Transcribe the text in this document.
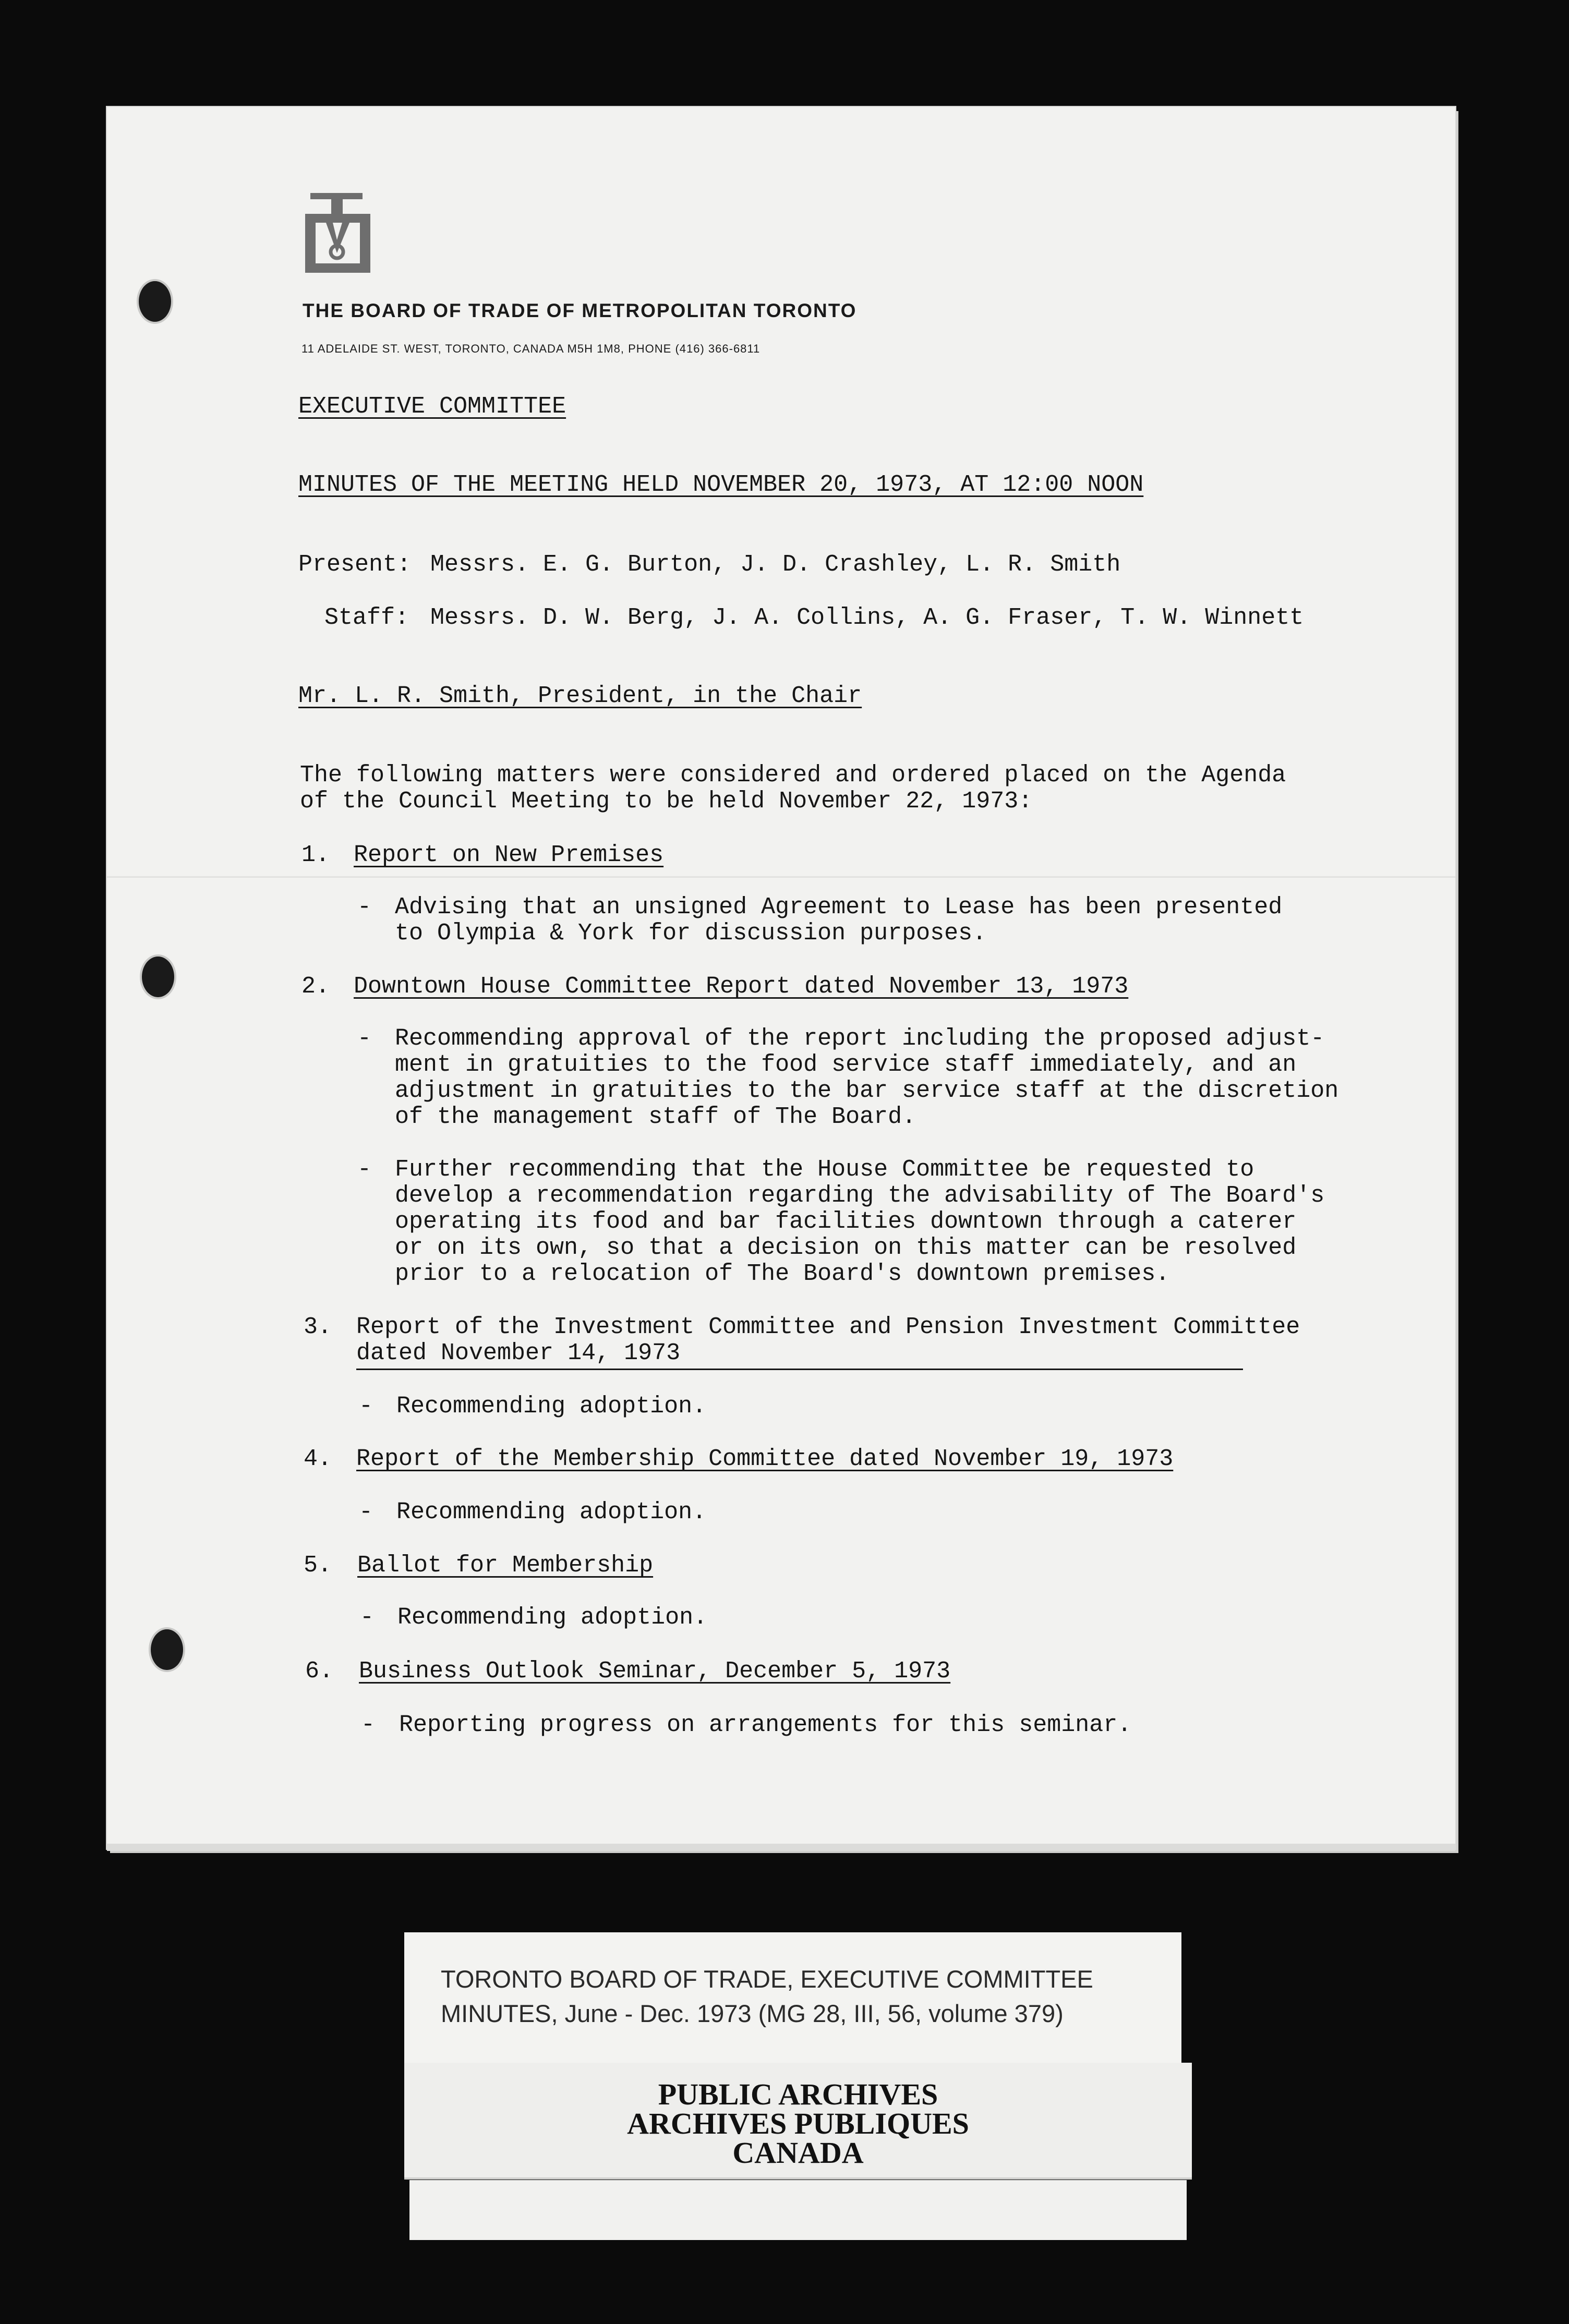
THE BOARD OF TRADE OF METROPOLITAN TORONTO
11 ADELAIDE ST. WEST, TORONTO, CANADA M5H 1M8, PHONE (416) 366-6811
EXECUTIVE COMMITTEE
MINUTES OF THE MEETING HELD NOVEMBER 20, 1973, AT 12:00 NOON
Present: Messrs. E. G. Burton, J. D. Crashley, L. R. Smith
Staff: Messrs. D. W. Berg, J. A. Collins, A. G. Fraser, T. W. Winnett
Mr. L. R. Smith, President, in the Chair
The following matters were considered and ordered placed on the Agenda
of the Council Meeting to be held November 22, 1973:
1. Report on New Premises
- Advising that an unsigned Agreement to Lease has been presented
to Olympia & York for discussion purposes.
2. Downtown House Committee Report dated November 13, 1973
- Recommending approval of the report including the proposed adjust-
ment in gratuities to the food service staff immediately, and an
adjustment in gratuities to the bar service staff at the discretion
of the management staff of The Board.
- Further recommending that the House Committee be requested to
develop a recommendation regarding the advisability of The Board's
operating its food and bar facilities downtown through a caterer
or on its own, so that a decision on this matter can be resolved
prior to a relocation of The Board's downtown premises.
3. Report of the Investment Committee and Pension Investment Committee
dated November 14, 1973
- Recommending adoption.
4. Report of the Membership Committee dated November 19, 1973
- Recommending adoption.
5. Ballot for Membership
- Recommending adoption.
6. Business Outlook Seminar, December 5, 1973
- Reporting progress on arrangements for this seminar.
TORONTO BOARD OF TRADE, EXECUTIVE COMMITTEE
MINUTES, June - Dec. 1973 (MG 28, III, 56, volume 379)
PUBLIC ARCHIVES
ARCHIVES PUBLIQUES
CANADA
